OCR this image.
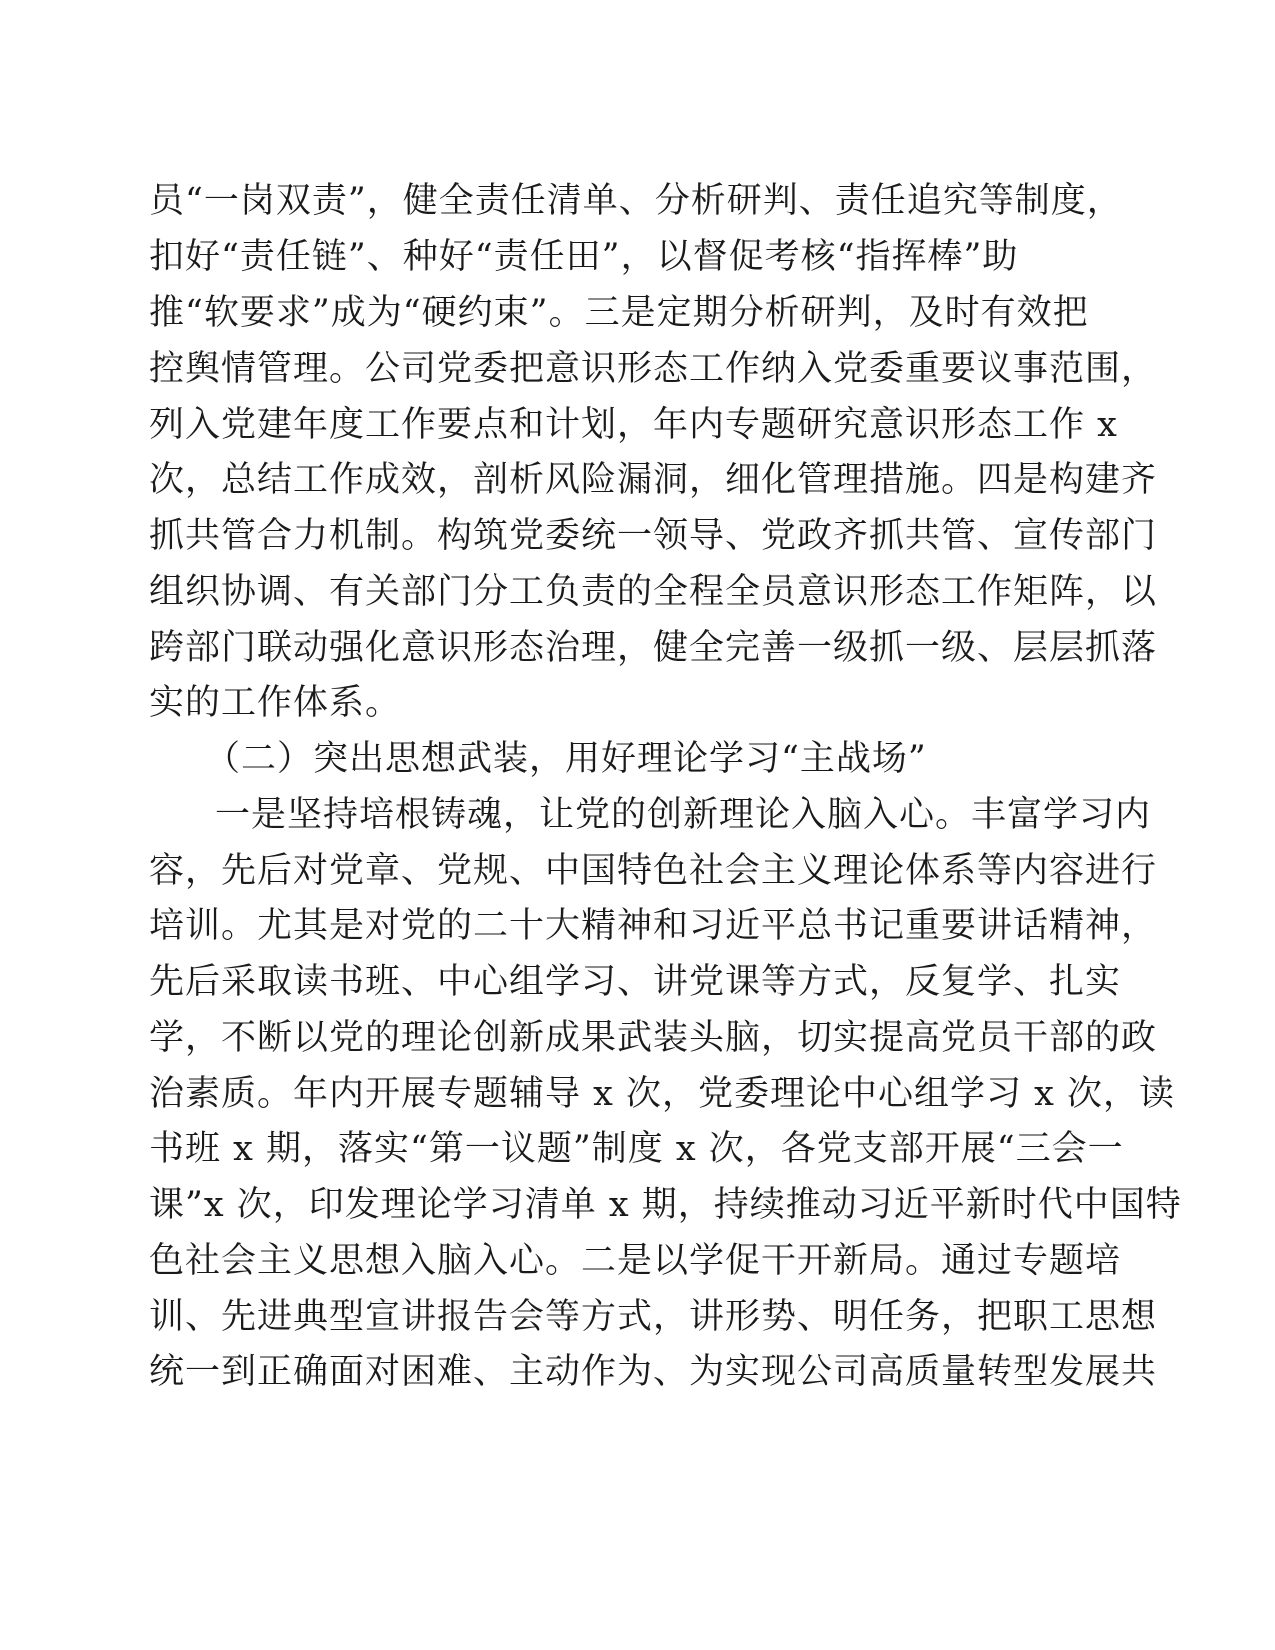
员“一岗双责”，健全责任清单、分析研判、责任追究等制度，
扣好“责任链”、种好“责任田”，以督促考核“指挥棒”助
推“软要求”成为“硬约束”。三是定期分析研判，及时有效把
控舆情管理。公司党委把意识形态工作纳入党委重要议事范围，
列入党建年度工作要点和计划，年内专题研究意识形态工作 x
次，总结工作成效，剖析风险漏洞，细化管理措施。四是构建齐
抓共管合力机制。构筑党委统一领导、党政齐抓共管、宣传部门
组织协调、有关部门分工负责的全程全员意识形态工作矩阵，以
跨部门联动强化意识形态治理，健全完善一级抓一级、层层抓落
实的工作体系。
（二）突出思想武装，用好理论学习“主战场”
一是坚持培根铸魂，让党的创新理论入脑入心。丰富学习内
容，先后对党章、党规、中国特色社会主义理论体系等内容进行
培训。尤其是对党的二十大精神和习近平总书记重要讲话精神，
先后采取读书班、中心组学习、讲党课等方式，反复学、扎实
学，不断以党的理论创新成果武装头脑，切实提高党员干部的政
治素质。年内开展专题辅导 x 次，党委理论中心组学习 x 次，读
书班 x 期，落实“第一议题”制度 x 次，各党支部开展“三会一
课”x 次，印发理论学习清单 x 期，持续推动习近平新时代中国特
色社会主义思想入脑入心。二是以学促干开新局。通过专题培
训、先进典型宣讲报告会等方式，讲形势、明任务，把职工思想
统一到正确面对困难、主动作为、为实现公司高质量转型发展共
